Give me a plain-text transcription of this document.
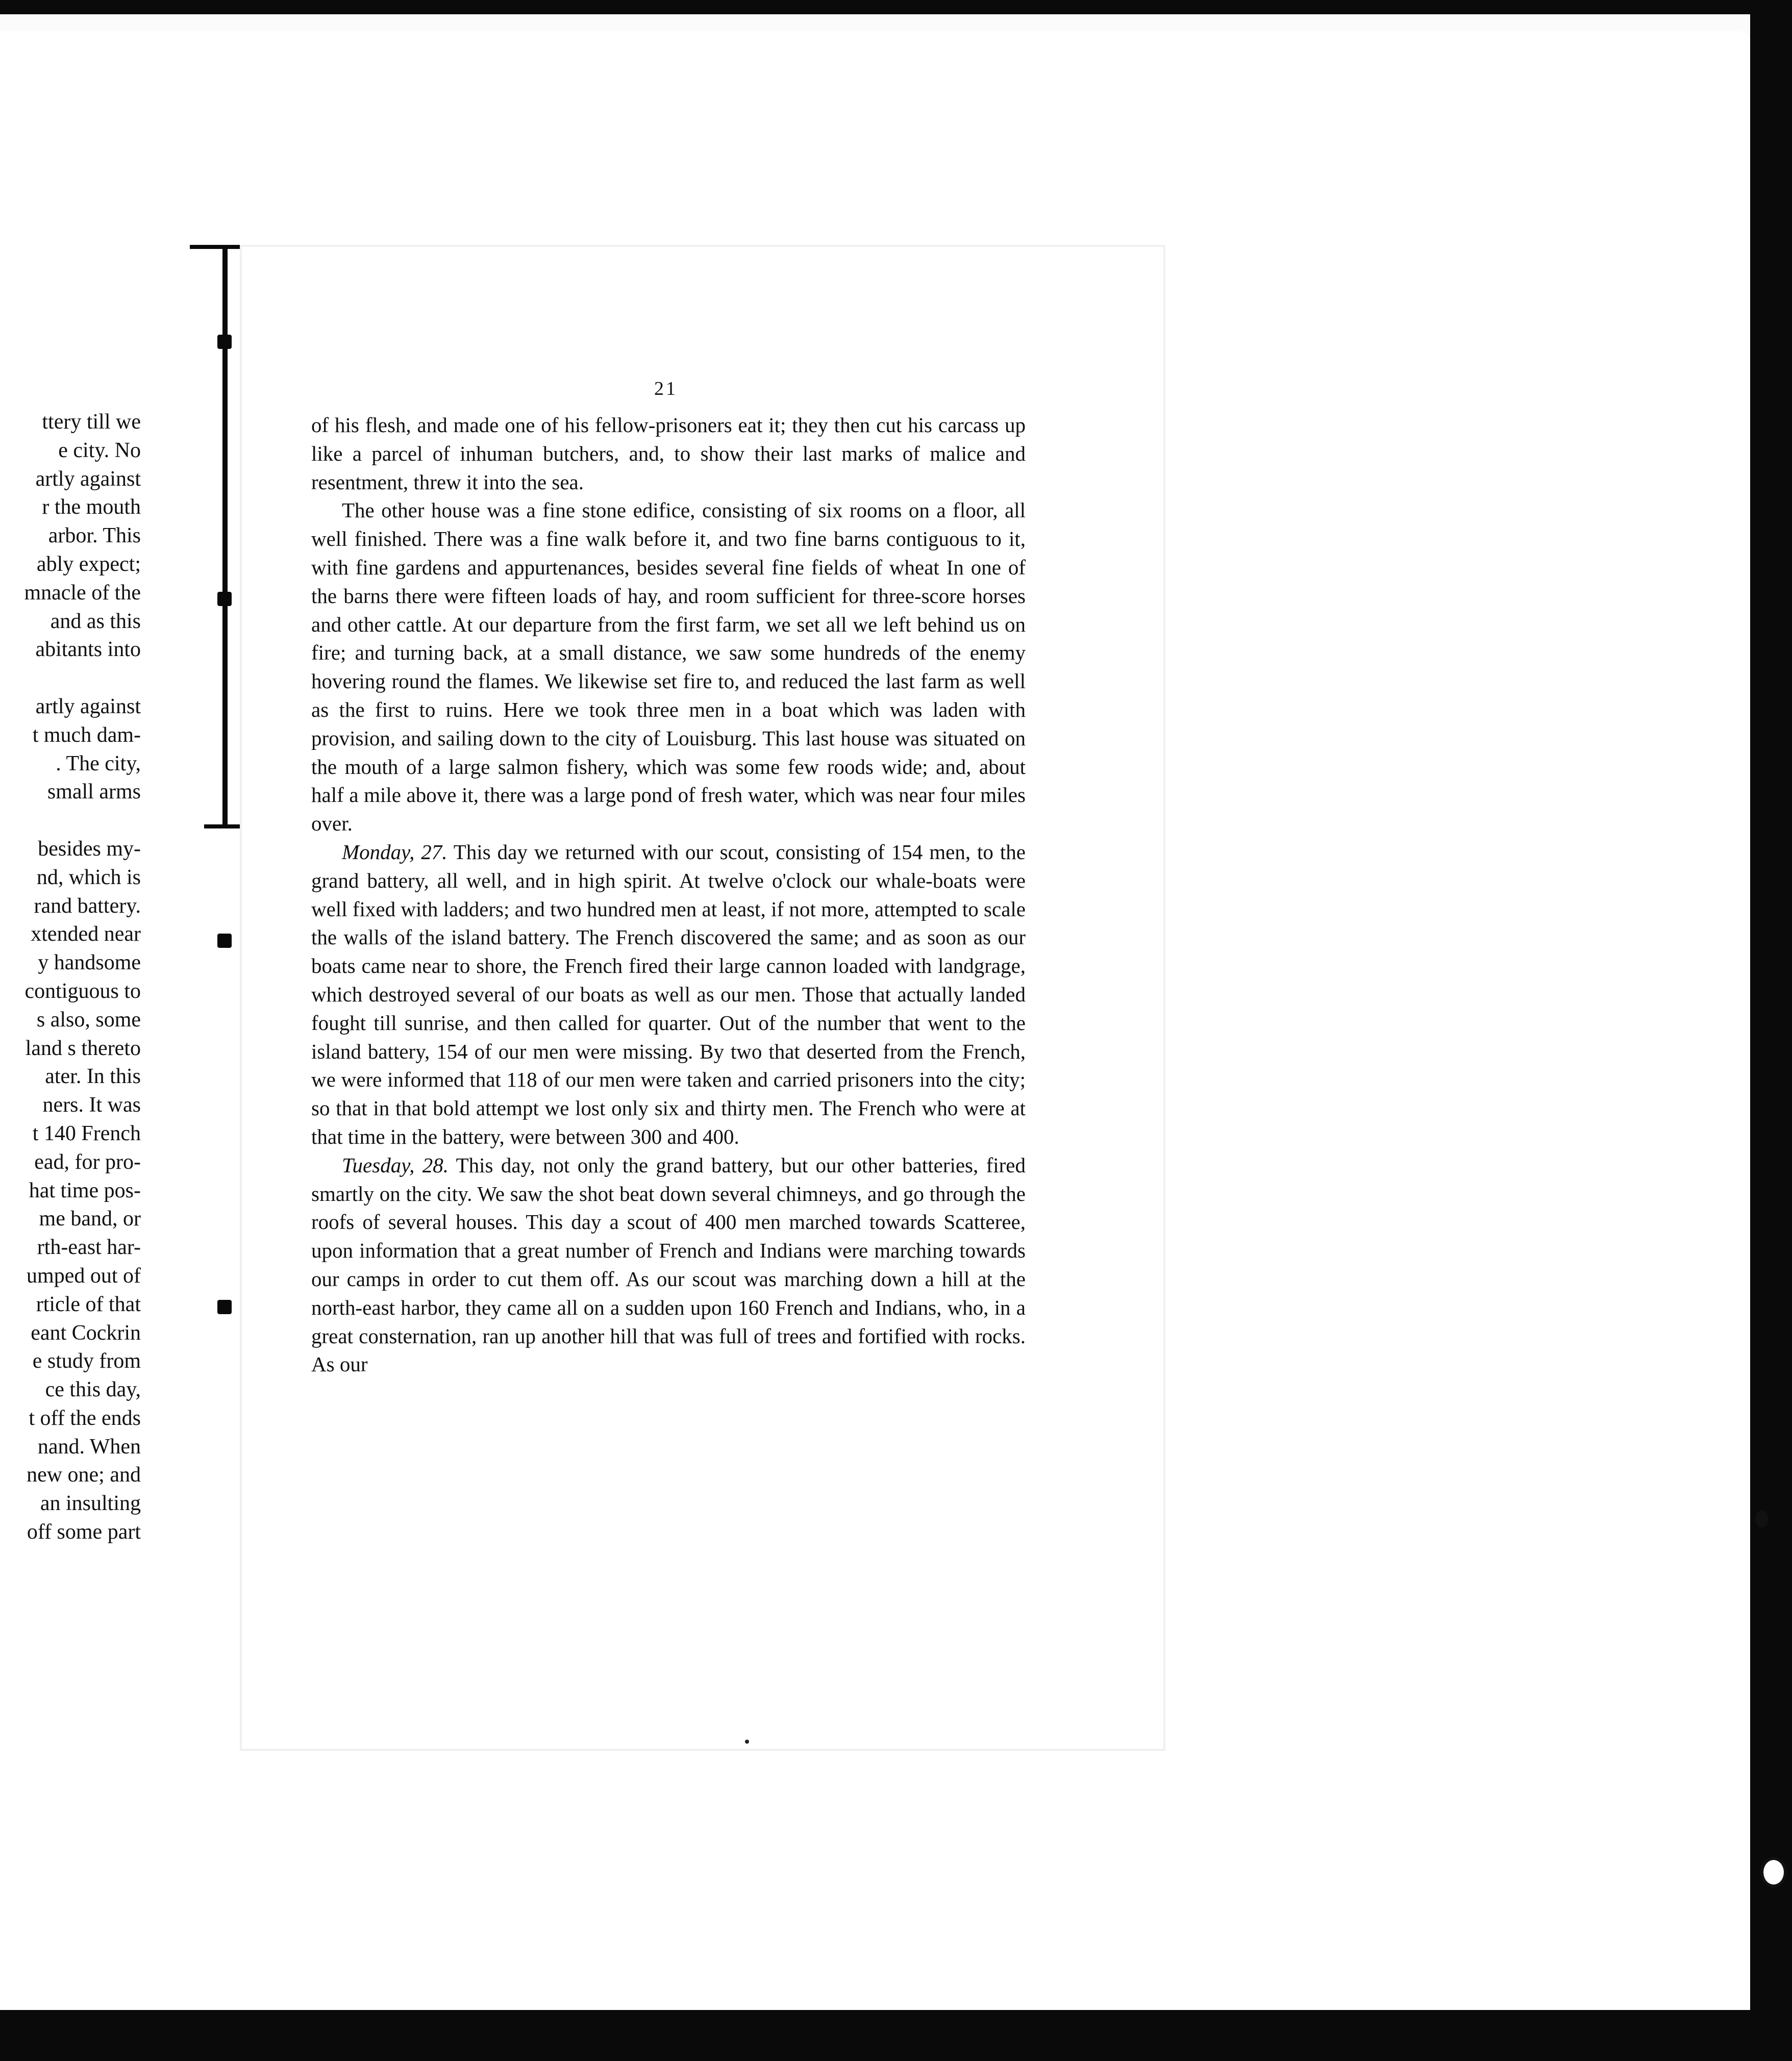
ttery till we
e city. No
artly against
r the mouth
arbor. This
ably expect;
mnacle of the
and as this
abitants into

artly against
t much dam-
. The city,
small arms

besides my-
nd, which is
rand battery.
xtended near
y handsome
contiguous to
s also, some
land s thereto
ater. In this
ners. It was
t 140 French
ead, for pro-
hat time pos-
me band, or
rth-east har-
umped out of
rticle of that
eant Cockrin
e study from
ce this day,
t off the ends
nand. When
new one; and
an insulting
off some part
21

of his flesh, and made one of his fellow-prisoners eat it; they then cut his carcass up like a parcel of inhuman butchers, and, to show their last marks of malice and resentment, threw it into the sea.

The other house was a fine stone edifice, consisting of six rooms on a floor, all well finished. There was a fine walk before it, and two fine barns contiguous to it, with fine gardens and appurtenances, besides several fine fields of wheat In one of the barns there were fifteen loads of hay, and room sufficient for three-score horses and other cattle. At our departure from the first farm, we set all we left behind us on fire; and turning back, at a small distance, we saw some hundreds of the enemy hovering round the flames. We likewise set fire to, and reduced the last farm as well as the first to ruins. Here we took three men in a boat which was laden with provision, and sailing down to the city of Louisburg. This last house was situated on the mouth of a large salmon fishery, which was some few roods wide; and, about half a mile above it, there was a large pond of fresh water, which was near four miles over.

Monday, 27. This day we returned with our scout, consisting of 154 men, to the grand battery, all well, and in high spirit. At twelve o'clock our whale-boats were well fixed with ladders; and two hundred men at least, if not more, attempted to scale the walls of the island battery. The French discovered the same; and as soon as our boats came near to shore, the French fired their large cannon loaded with landgrage, which destroyed several of our boats as well as our men. Those that actually landed fought till sunrise, and then called for quarter. Out of the number that went to the island battery, 154 of our men were missing. By two that deserted from the French, we were informed that 118 of our men were taken and carried prisoners into the city; so that in that bold attempt we lost only six and thirty men. The French who were at that time in the battery, were between 300 and 400.

Tuesday, 28. This day, not only the grand battery, but our other batteries, fired smartly on the city. We saw the shot beat down several chimneys, and go through the roofs of several houses. This day a scout of 400 men marched towards Scatteree, upon information that a great number of French and Indians were marching towards our camps in order to cut them off. As our scout was marching down a hill at the north-east harbor, they came all on a sudden upon 160 French and Indians, who, in a great consternation, ran up another hill that was full of trees and fortified with rocks. As our
